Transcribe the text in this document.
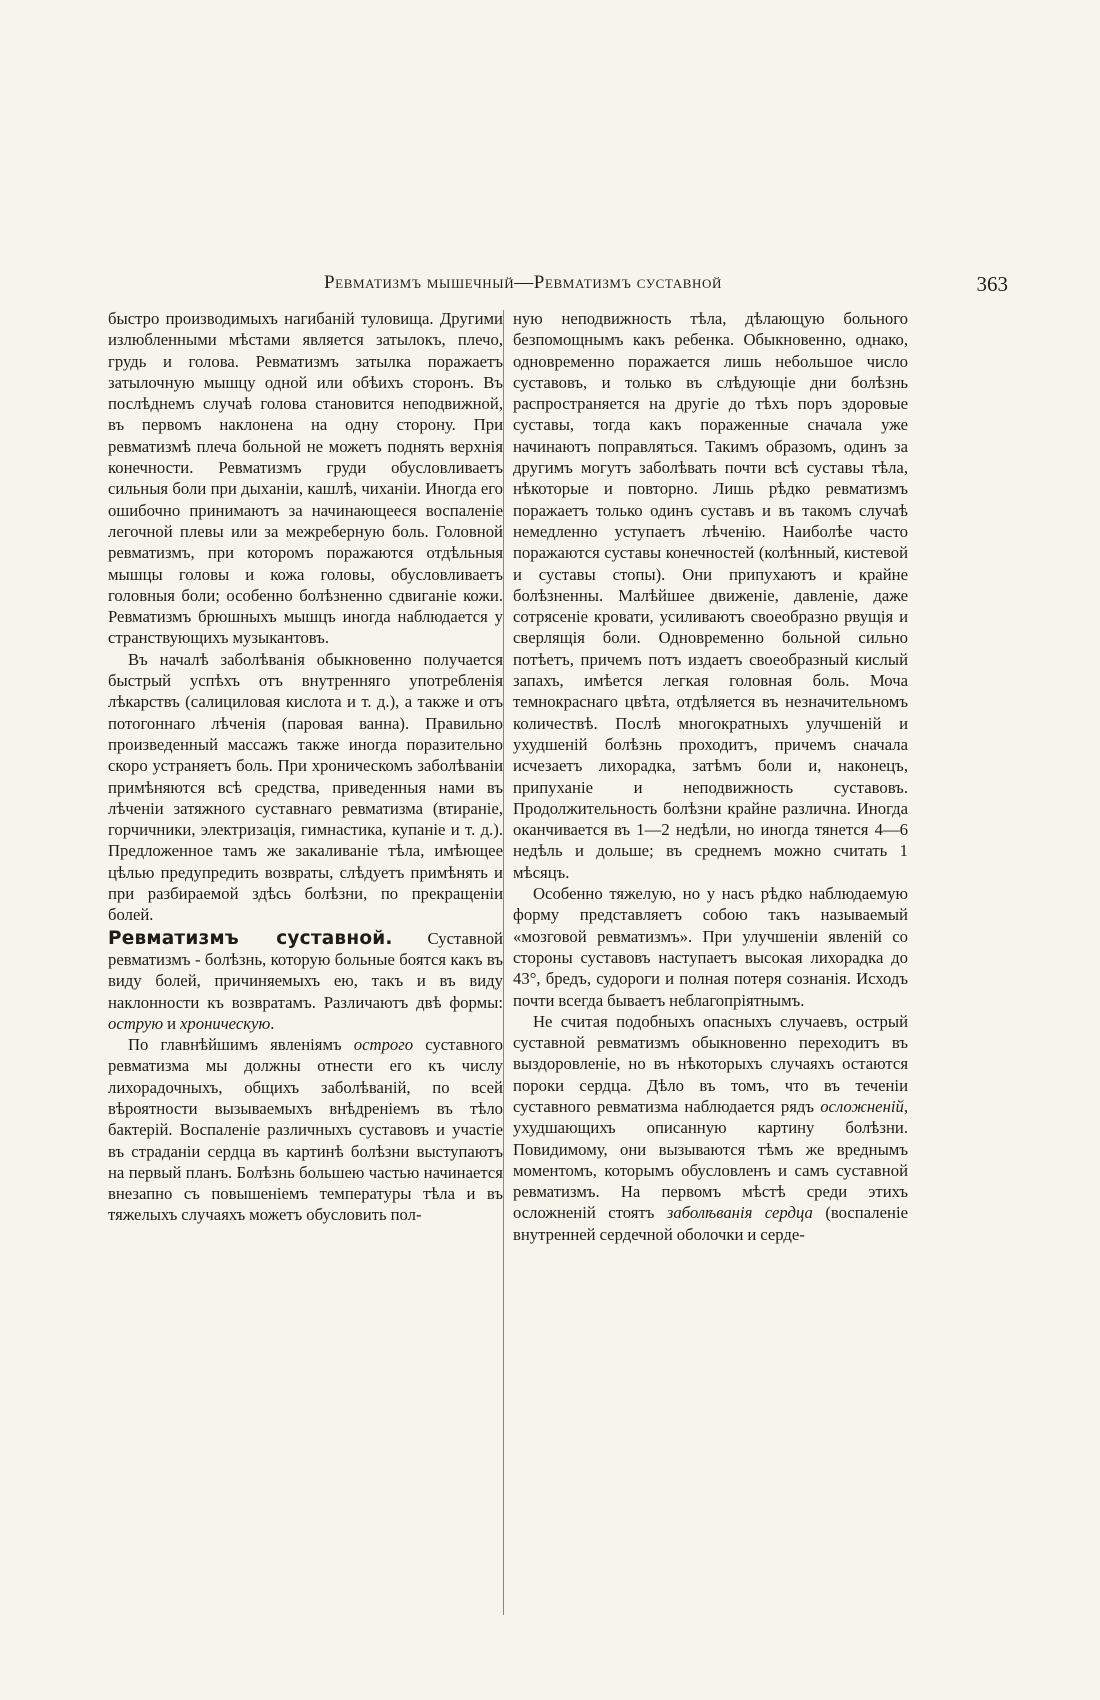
Ревматизмъ мышечный—Ревматизмъ суставной	363

быстро производимыхъ нагибаній туловища. Другими излюбленными мѣстами является затылокъ, плечо, грудь и голова. Ревматизмъ затылка поражаетъ затылочную мышцу одной или обѣихъ сторонъ. Въ послѣднемъ случаѣ голова становится неподвижной, въ первомъ наклонена на одну сторону. При ревматизмѣ плеча больной не можетъ поднять верхнія конечности. Ревматизмъ груди обусловливаетъ сильныя боли при дыханіи, кашлѣ, чиханіи. Иногда его ошибочно принимаютъ за начинающееся воспаленіе легочной плевы или за межреберную боль. Головной ревматизмъ, при которомъ поражаются отдѣльныя мышцы головы и кожа головы, обусловливаетъ головныя боли; особенно болѣзненно сдвиганіе кожи. Ревматизмъ брюшныхъ мышцъ иногда наблюдается у странствующихъ музыкантовъ.

Въ началѣ заболѣванія обыкновенно получается быстрый успѣхъ отъ внутренняго употребленія лѣкарствъ (салициловая кислота и т. д.), а также и отъ потогоннаго лѣченія (паровая ванна). Правильно произведенный массажъ также иногда поразительно скоро устраняетъ боль. При хроническомъ заболѣваніи примѣняются всѣ средства, приведенныя нами въ лѣченіи затяжного суставнаго ревматизма (втираніе, горчичники, электризація, гимнастика, купаніе и т. д.). Предложенное тамъ же закаливаніе тѣла, имѣющее цѣлью предупредить возвраты, слѣдуетъ примѣнять и при разбираемой здѣсь болѣзни, по прекращеніи болей.

Ревматизмъ суставной. Суставной ревматизмъ - болѣзнь, которую больные боятся какъ въ виду болей, причиняемыхъ ею, такъ и въ виду наклонности къ возвратамъ. Различаютъ двѣ формы: острую и хроническую.

По главнѣйшимъ явленіямъ острого суставного ревматизма мы должны отнести его къ числу лихорадочныхъ, общихъ заболѣваній, по всей вѣроятности вызываемыхъ внѣдреніемъ въ тѣло бактерій. Воспаленіе различныхъ суставовъ и участіе въ страданіи сердца въ картинѣ болѣзни выступаютъ на первый планъ. Болѣзнь большею частью начинается внезапно съ повышеніемъ температуры тѣла и въ тяжелыхъ случаяхъ можетъ обусловить пол-

ную неподвижность тѣла, дѣлающую больного безпомощнымъ какъ ребенка. Обыкновенно, однако, одновременно поражается лишь небольшое число суставовъ, и только въ слѣдующіе дни болѣзнь распространяется на другіе до тѣхъ поръ здоровые суставы, тогда какъ пораженные сначала уже начинаютъ поправляться. Такимъ образомъ, одинъ за другимъ могутъ заболѣвать почти всѣ суставы тѣла, нѣкоторые и повторно. Лишь рѣдко ревматизмъ поражаетъ только одинъ суставъ и въ такомъ случаѣ немедленно уступаетъ лѣченію. Наиболѣе часто поражаются суставы конечностей (колѣнный, кистевой и суставы стопы). Они припухаютъ и крайне болѣзненны. Малѣйшее движеніе, давленіе, даже сотрясеніе кровати, усиливаютъ своеобразно рвущія и сверлящія боли. Одновременно больной сильно потѣетъ, причемъ потъ издаетъ своеобразный кислый запахъ, имѣется легкая головная боль. Моча темнокраснаго цвѣта, отдѣляется въ незначительномъ количествѣ. Послѣ многократныхъ улучшеній и ухудшеній болѣзнь проходитъ, причемъ сначала исчезаетъ лихорадка, затѣмъ боли и, наконецъ, припуханіе и неподвижность суставовъ. Продолжительность болѣзни крайне различна. Иногда оканчивается въ 1—2 недѣли, но иногда тянется 4—6 недѣль и дольше; въ среднемъ можно считать 1 мѣсяцъ.

Особенно тяжелую, но у насъ рѣдко наблюдаемую форму представляетъ собою такъ называемый «мозговой ревматизмъ». При улучшеніи явленій со стороны суставовъ наступаетъ высокая лихорадка до 43°, бредъ, судороги и полная потеря сознанія. Исходъ почти всегда бываетъ неблагопріятнымъ.

Не считая подобныхъ опасныхъ случаевъ, острый суставной ревматизмъ обыкновенно переходитъ въ выздоровленіе, но въ нѣкоторыхъ случаяхъ остаются пороки сердца. Дѣло въ томъ, что въ теченіи суставного ревматизма наблюдается рядъ осложненій, ухудшающихъ описанную картину болѣзни. Повидимому, они вызываются тѣмъ же вреднымъ моментомъ, которымъ обусловленъ и самъ суставной ревматизмъ. На первомъ мѣстѣ среди этихъ осложненій стоятъ заболѣванія сердца (воспаленіе внутренней сердечной оболочки и серде-
